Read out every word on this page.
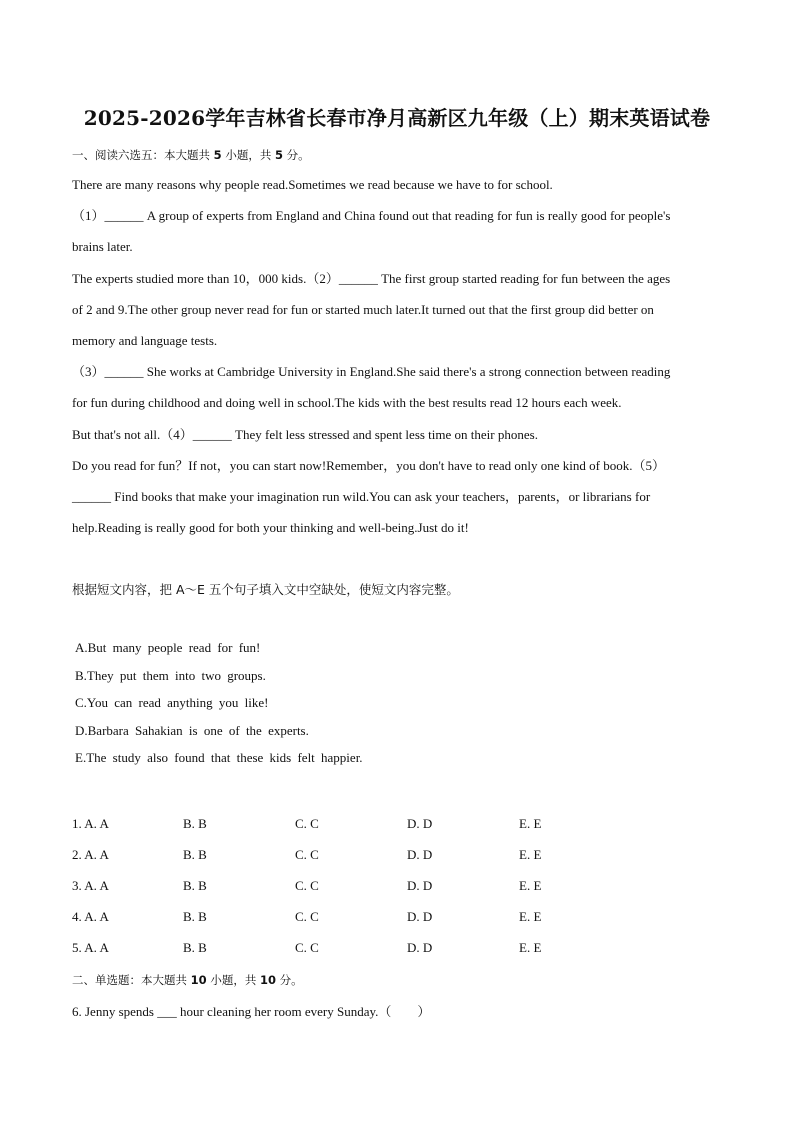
2025-2026学年吉林省长春市净月高新区九年级（上）期末英语试卷
一、阅读六选五：本大题共 5 小题，共 5 分。
There are many reasons why people read.Sometimes we read because we have to for school.
（1）______ A group of experts from England and China found out that reading for fun is really good for people's
brains later.
The experts studied more than 10，000 kids.（2）______ The first group started reading for fun between the ages
of 2 and 9.The other group never read for fun or started much later.It turned out that the first group did better on
memory and language tests.
（3）______ She works at Cambridge University in England.She said there's a strong connection between reading
for fun during childhood and doing well in school.The kids with the best results read 12 hours each week.
But that's not all.（4）______ They felt less stressed and spent less time on their phones.
Do you read for fun？If not，you can start now!Remember，you don't have to read only one kind of book.（5）
______ Find books that make your imagination run wild.You can ask your teachers，parents，or librarians for
help.Reading is really good for both your thinking and well-being.Just do it!
根据短文内容，把 A～E 五个句子填入文中空缺处，使短文内容完整。
A.But many people read for fun!
B.They put them into two groups.
C.You can read anything you like!
D.Barbara Sahakian is one of the experts.
E.The study also found that these kids felt happier.
1. A. A	B. B	C. C	D. D	E. E
2. A. A	B. B	C. C	D. D	E. E
3. A. A	B. B	C. C	D. D	E. E
4. A. A	B. B	C. C	D. D	E. E
5. A. A	B. B	C. C	D. D	E. E
二、单选题：本大题共 10 小题，共 10 分。
6. Jenny spends ___ hour cleaning her room every Sunday.（　　）
